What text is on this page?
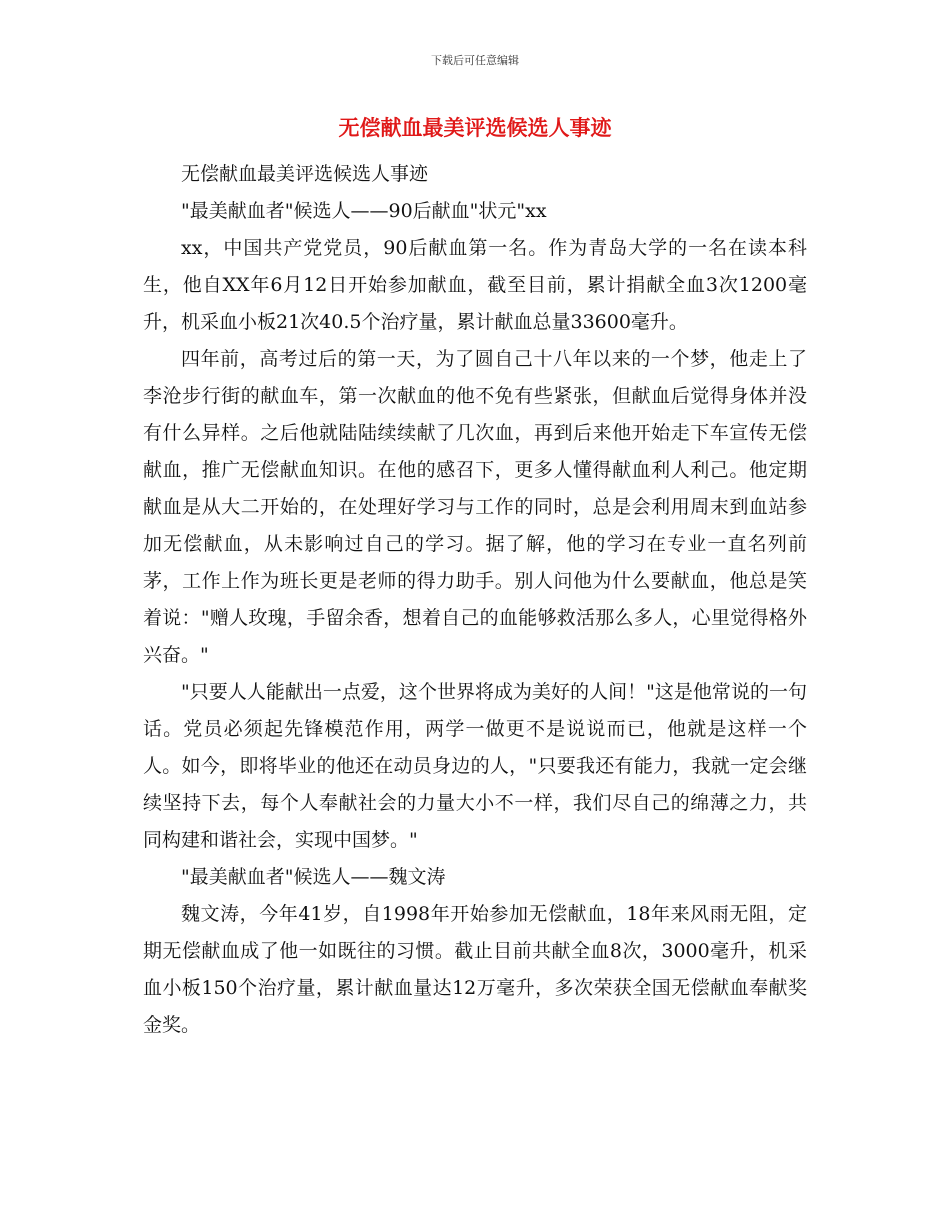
下载后可任意编辑
无偿献血最美评选候选人事迹

无偿献血最美评选候选人事迹

"最美献血者"候选人——90后献血"状元"xx

xx，中国共产党党员，90后献血第一名。作为青岛大学的一名在读本科生，他自XX年6月12日开始参加献血，截至目前，累计捐献全血3次1200毫升，机采血小板21次40.5个治疗量，累计献血总量33600毫升。

四年前，高考过后的第一天，为了圆自己十八年以来的一个梦，他走上了李沧步行街的献血车，第一次献血的他不免有些紧张，但献血后觉得身体并没有什么异样。之后他就陆陆续续献了几次血，再到后来他开始走下车宣传无偿献血，推广无偿献血知识。在他的感召下，更多人懂得献血利人利己。他定期献血是从大二开始的，在处理好学习与工作的同时，总是会利用周末到血站参加无偿献血，从未影响过自己的学习。据了解，他的学习在专业一直名列前茅，工作上作为班长更是老师的得力助手。别人问他为什么要献血，他总是笑着说："赠人玫瑰，手留余香，想着自己的血能够救活那么多人，心里觉得格外兴奋。"

"只要人人能献出一点爱，这个世界将成为美好的人间！"这是他常说的一句话。党员必须起先锋模范作用，两学一做更不是说说而已，他就是这样一个人。如今，即将毕业的他还在动员身边的人，"只要我还有能力，我就一定会继续坚持下去，每个人奉献社会的力量大小不一样，我们尽自己的绵薄之力，共同构建和谐社会，实现中国梦。"

"最美献血者"候选人——魏文涛

魏文涛，今年41岁，自1998年开始参加无偿献血，18年来风雨无阻，定期无偿献血成了他一如既往的习惯。截止目前共献全血8次，3000毫升，机采血小板150个治疗量，累计献血量达12万毫升，多次荣获全国无偿献血奉献奖金奖。
